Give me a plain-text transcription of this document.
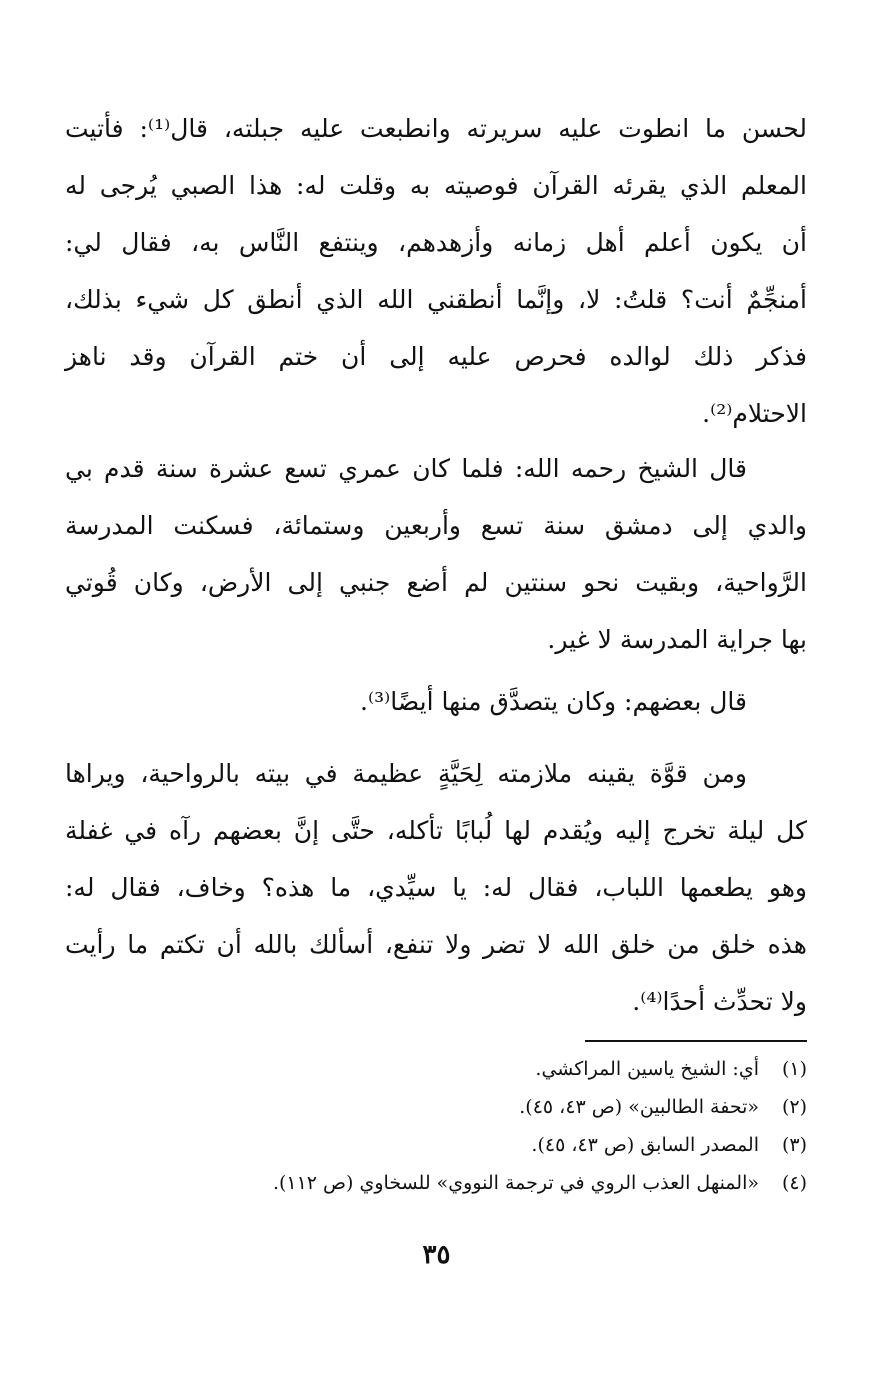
لحسن ما انطوت عليه سريرته وانطبعت عليه جبلته، قال⁽¹⁾: فأتيت
المعلم الذي يقرئه القرآن فوصيته به وقلت له: هذا الصبي يُرجى له
أن يكون أعلم أهل زمانه وأزهدهم، وينتفع النَّاس به، فقال لي:
أمنجِّمٌ أنت؟ قلتُ: لا، وإنَّما أنطقني الله الذي أنطق كل شيء بذلك،
فذكر ذلك لوالده فحرص عليه إلى أن ختم القرآن وقد ناهز
الاحتلام⁽²⁾.

قال الشيخ رحمه الله: فلما كان عمري تسع عشرة سنة قدم بي
والدي إلى دمشق سنة تسع وأربعين وستمائة، فسكنت المدرسة
الرَّواحية، وبقيت نحو سنتين لم أضع جنبي إلى الأرض، وكان قُوتي
بها جراية المدرسة لا غير.

قال بعضهم: وكان يتصدَّق منها أيضًا⁽³⁾.

ومن قوَّة يقينه ملازمته لِحَيَّةٍ عظيمة في بيته بالرواحية، ويراها
كل ليلة تخرج إليه ويُقدم لها لُبابًا تأكله، حتَّى إنَّ بعضهم رآه في غفلة
وهو يطعمها اللباب، فقال له: يا سيِّدي، ما هذه؟ وخاف، فقال له:
هذه خلق من خلق الله لا تضر ولا تنفع، أسألك بالله أن تكتم ما رأيت
ولا تحدِّث أحدًا⁽⁴⁾.

(١)
أي: الشيخ ياسين المراكشي.
(٢)
«تحفة الطالبين» (ص ٤٣، ٤٥).
(٣)
المصدر السابق (ص ٤٣، ٤٥).
(٤)
«المنهل العذب الروي في ترجمة النووي» للسخاوي (ص ١١٢).
٣٥
